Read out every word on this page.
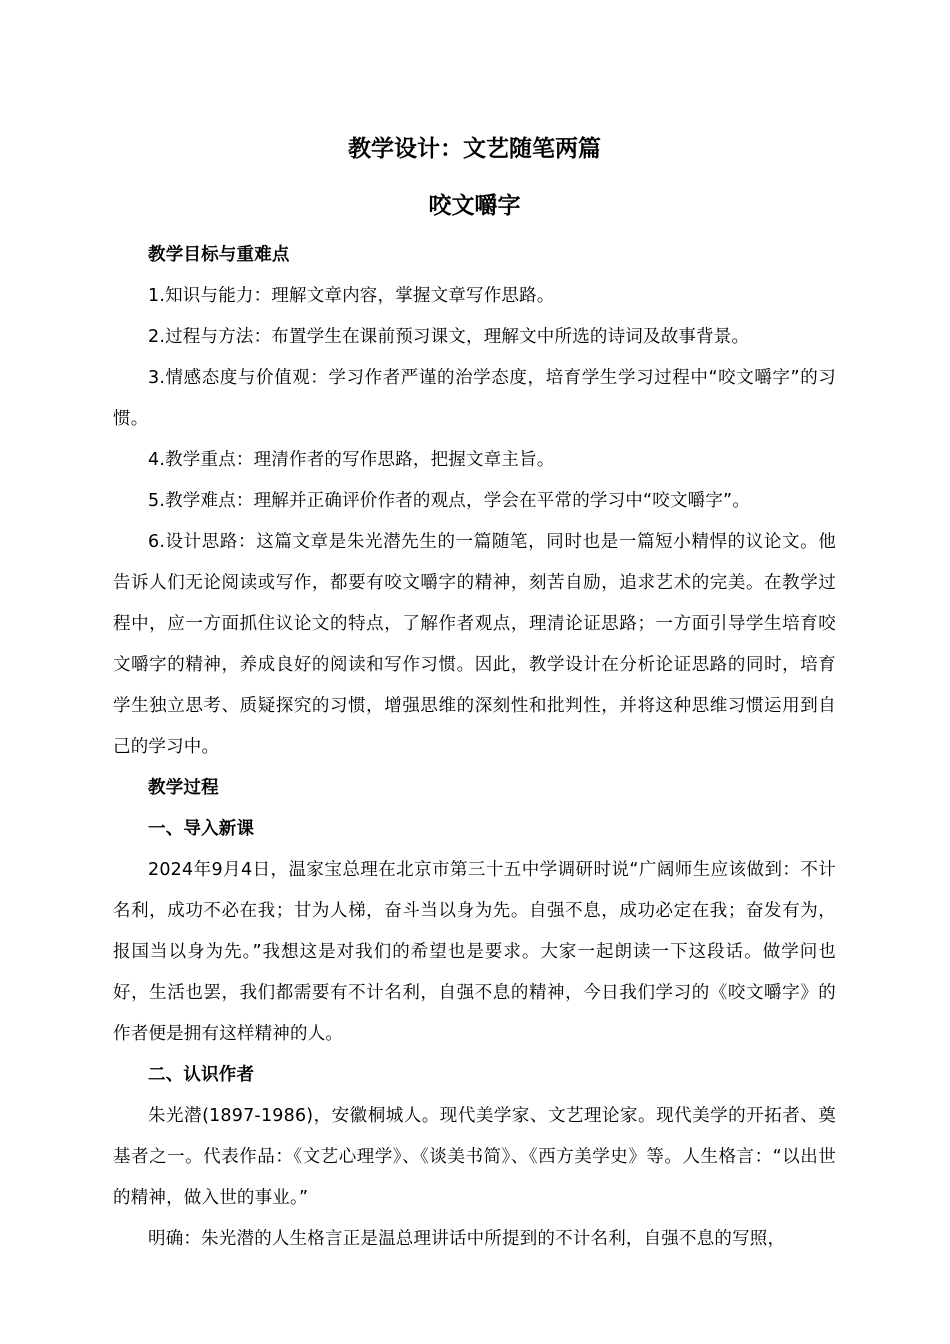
教学设计：文艺随笔两篇
咬文嚼字

教学目标与重难点

1.知识与能力：理解文章内容，掌握文章写作思路。

2.过程与方法：布置学生在课前预习课文，理解文中所选的诗词及故事背景。

3.情感态度与价值观：学习作者严谨的治学态度，培育学生学习过程中“咬文嚼字”的习惯。

4.教学重点：理清作者的写作思路，把握文章主旨。

5.教学难点：理解并正确评价作者的观点，学会在平常的学习中“咬文嚼字”。

6.设计思路：这篇文章是朱光潜先生的一篇随笔，同时也是一篇短小精悍的议论文。他告诉人们无论阅读或写作，都要有咬文嚼字的精神，刻苦自励，追求艺术的完美。在教学过程中，应一方面抓住议论文的特点，了解作者观点，理清论证思路；一方面引导学生培育咬文嚼字的精神，养成良好的阅读和写作习惯。因此，教学设计在分析论证思路的同时，培育学生独立思考、质疑探究的习惯，增强思维的深刻性和批判性，并将这种思维习惯运用到自己的学习中。

教学过程

一、导入新课

2024年9月4日，温家宝总理在北京市第三十五中学调研时说“广阔师生应该做到：不计名利，成功不必在我；甘为人梯，奋斗当以身为先。自强不息，成功必定在我；奋发有为，报国当以身为先。”我想这是对我们的希望也是要求。大家一起朗读一下这段话。做学问也好，生活也罢，我们都需要有不计名利，自强不息的精神，今日我们学习的《咬文嚼字》的作者便是拥有这样精神的人。

二、认识作者

朱光潜(1897-1986)，安徽桐城人。现代美学家、文艺理论家。现代美学的开拓者、奠基者之一。代表作品：《文艺心理学》、《谈美书简》、《西方美学史》等。人生格言：“以出世的精神，做入世的事业。”

明确：朱光潜的人生格言正是温总理讲话中所提到的不计名利，自强不息的写照，
